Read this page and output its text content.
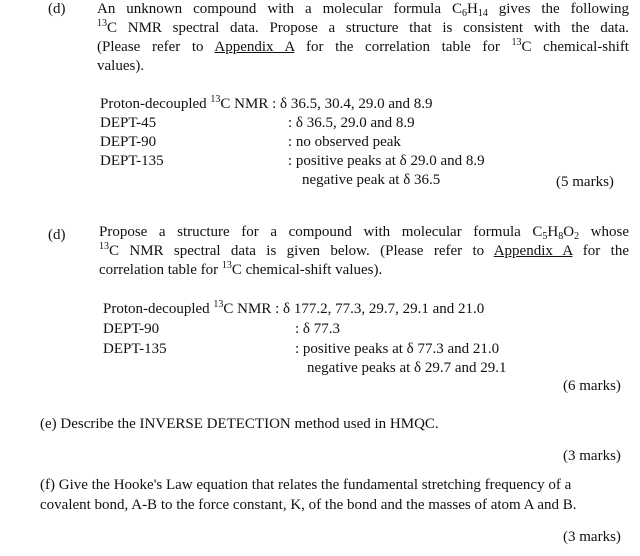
(d) An unknown compound with a molecular formula $C_6H_{14}$ gives the following
$^{13}$C NMR spectral data. Propose a structure that is consistent with the data.
(Please refer to Appendix A for the correlation table for $^{13}$C chemical-shift
values).
Proton-decoupled $^{13}$C NMR : δ 36.5, 30.4, 29.0 and 8.9
DEPT-45	: δ 36.5, 29.0 and 8.9
DEPT-90	: no observed peak
DEPT-135	: positive peaks at δ 29.0 and 8.9
negative peak at δ 36.5	(5 marks)
(d) Propose a structure for a compound with molecular formula $C_5H_8O_2$ whose
$^{13}$C NMR spectral data is given below. (Please refer to Appendix A for the
correlation table for $^{13}$C chemical-shift values).
Proton-decoupled $^{13}$C NMR : δ 177.2, 77.3, 29.7, 29.1 and 21.0
DEPT-90	: δ 77.3
DEPT-135	: positive peaks at δ 77.3 and 21.0
negative peaks at δ 29.7 and 29.1
(6 marks)
(e) Describe the INVERSE DETECTION method used in HMQC.
(3 marks)
(f) Give the Hooke's Law equation that relates the fundamental stretching frequency of a
covalent bond, A-B to the force constant, K, of the bond and the masses of atom A and B.
(3 marks)
